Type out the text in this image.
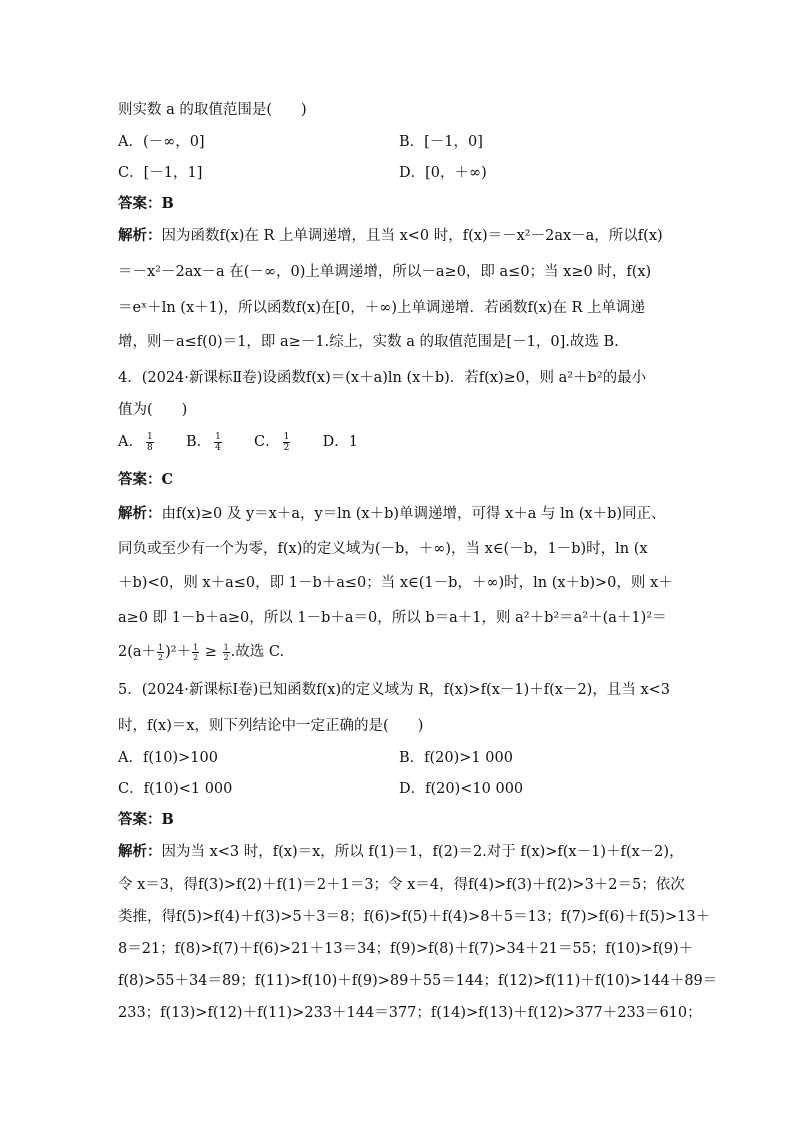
则实数 a 的取值范围是(　　)
A．(－∞，0]	B．[－1，0]
C．[－1，1]	D．[0，＋∞)
答案：B
解析：因为函数f(x)在 R 上单调递增，且当 x<0 时，f(x)＝－x²－2ax－a，所以f(x)
＝－x²－2ax－a 在(－∞，0)上单调递增，所以－a≥0，即 a≤0；当 x≥0 时，f(x)
＝eˣ＋ln (x＋1)，所以函数f(x)在[0，＋∞)上单调递增．若函数f(x)在 R 上单调递
增，则－a≤f(0)＝1，即 a≥－1.综上，实数 a 的取值范围是[－1，0].故选 B.
4．(2024·新课标Ⅱ卷)设函数f(x)＝(x＋a)ln (x＋b)．若f(x)≥0，则 a²＋b²的最小
值为(　　)
A． $\frac{1}{8}$ B． $\frac{1}{4}$ C． $\frac{1}{2}$ D．1
答案：C
解析：由f(x)≥0 及 y＝x＋a，y＝ln (x＋b)单调递增，可得 x＋a 与 ln (x＋b)同正、
同负或至少有一个为零，f(x)的定义域为(－b，＋∞)，当 x∈(－b，1－b)时，ln (x
＋b)<0，则 x＋a≤0，即 1－b＋a≤0；当 x∈(1－b，＋∞)时，ln (x＋b)>0，则 x＋
a≥0 即 1－b＋a≥0，所以 1－b＋a＝0，所以 b＝a＋1，则 a²＋b²＝a²＋(a＋1)²＝
$2(a+ \frac{1}{2} )^2+ \frac{1}{2} \ge \frac{1}{2}$ .故选 C.
5．(2024·新课标Ⅰ卷)已知函数f(x)的定义域为 R，f(x)>f(x－1)＋f(x－2)，且当 x<3
时，f(x)＝x，则下列结论中一定正确的是(　　)
A．f(10)>100	B．f(20)>1 000
C．f(10)<1 000	D．f(20)<10 000
答案：B
解析：因为当 x<3 时，f(x)＝x，所以 f(1)＝1，f(2)＝2.对于 f(x)>f(x－1)＋f(x－2)，
令 x＝3，得f(3)>f(2)＋f(1)＝2＋1＝3；令 x＝4，得f(4)>f(3)＋f(2)>3＋2＝5；依次
类推，得f(5)>f(4)＋f(3)>5＋3＝8；f(6)>f(5)＋f(4)>8＋5＝13；f(7)>f(6)＋f(5)>13＋
8＝21；f(8)>f(7)＋f(6)>21＋13＝34；f(9)>f(8)＋f(7)>34＋21＝55；f(10)>f(9)＋
f(8)>55＋34＝89；f(11)>f(10)＋f(9)>89＋55＝144；f(12)>f(11)＋f(10)>144＋89＝
233；f(13)>f(12)＋f(11)>233＋144＝377；f(14)>f(13)＋f(12)>377＋233＝610；
